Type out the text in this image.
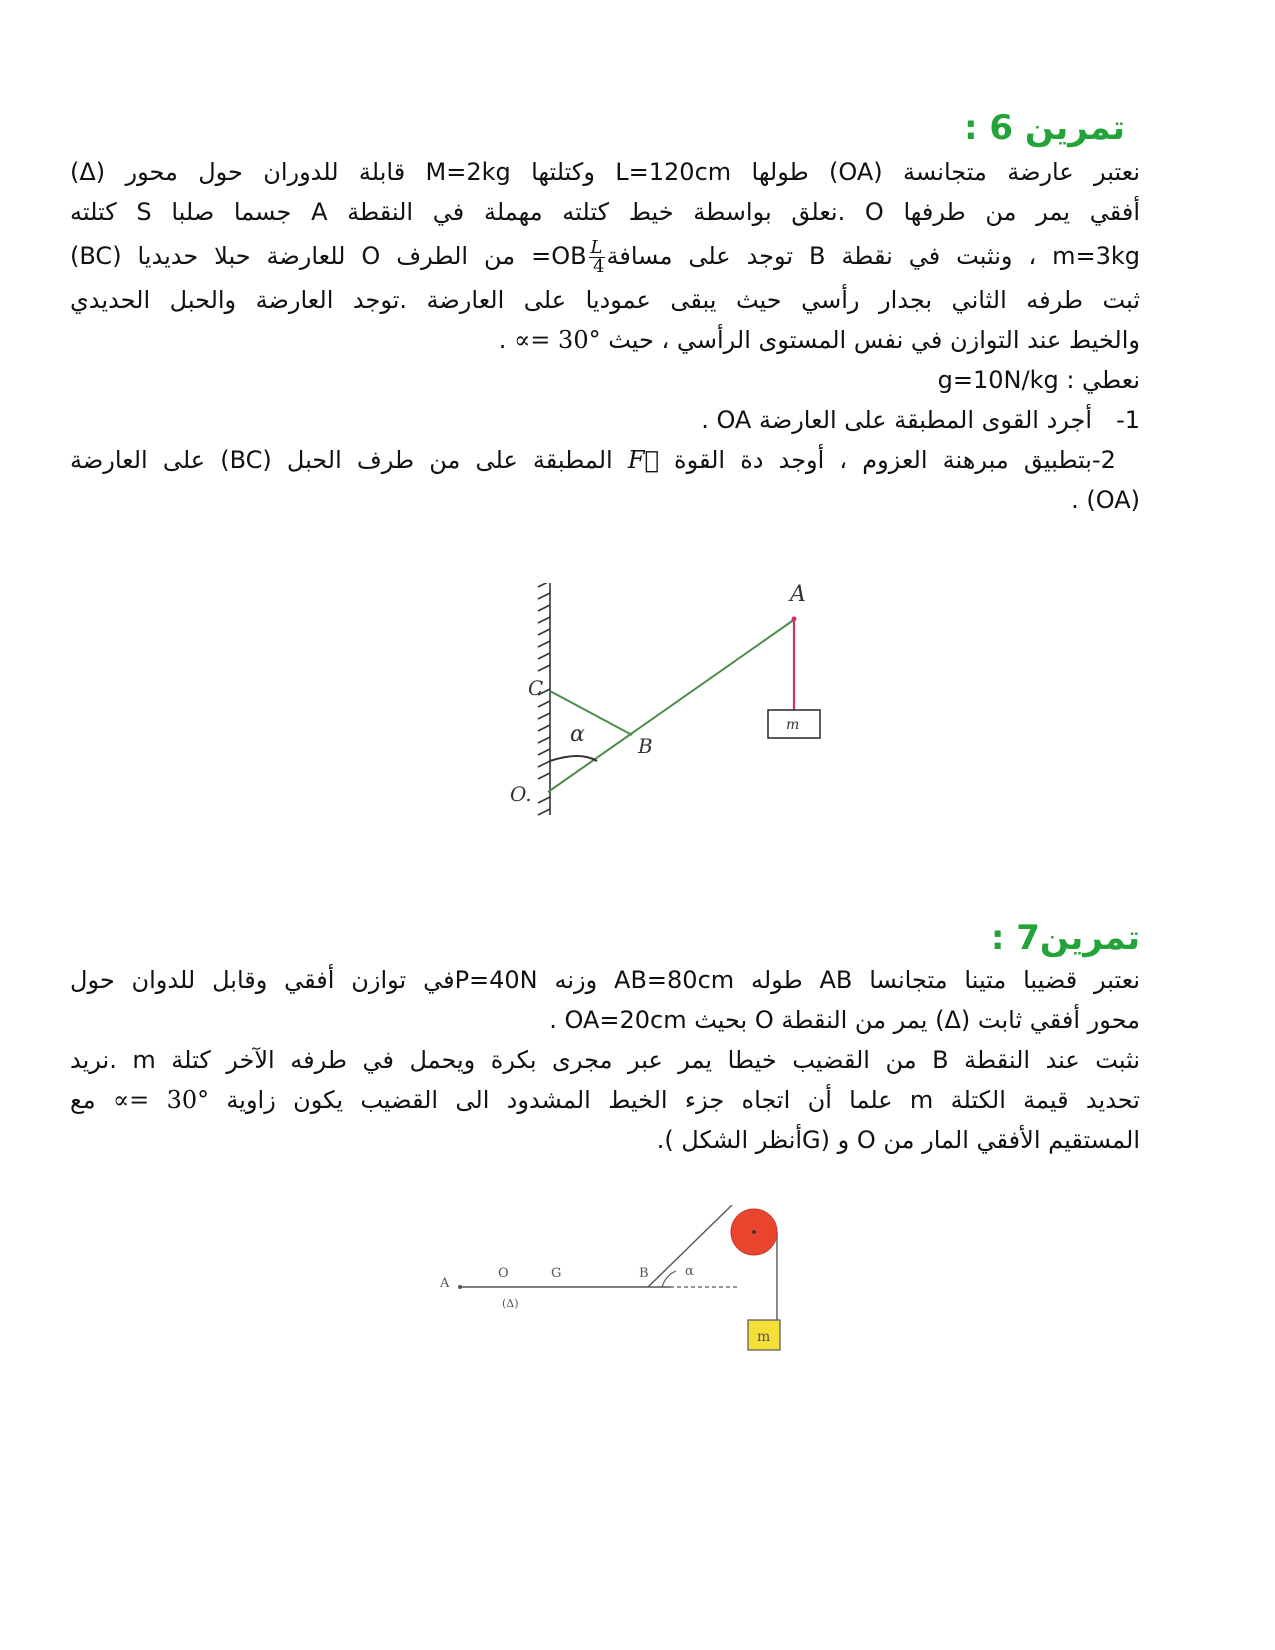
تمرين 6 :

نعتبر عارضة متجانسة (OA) طولها L=120cm وكتلتها M=2kg قابلة للدوران حول محور (Δ)

أفقي يمر من طرفها O .نعلق بواسطة خيط كتلته مهملة في النقطة A جسما صلبا S كتلته

m=3kg ، ونثبت في نقطة B توجد على مسافة
$\frac{L}{4}$
OB= من الطرف O للعارضة حبلا حديديا (BC)

ثبت طرفه الثاني بجدار رأسي حيث يبقى عموديا على العارضة .توجد العارضة والحبل الحديدي

والخيط عند التوازن في نفس المستوى الرأسي ، حيث ∝= 30° .

نعطي : g=10N/kg

-1أجرد القوى المطبقة على العارضة OA .

-2بتطبيق مبرهنة العزوم ، أوجد دة القوة F⃗ المطبقة على من طرف الحبل (BC) على العارضة

(OA) .

A
B
C
O.
α	m
تمرين7 :

نعتبر قضيبا متينا متجانسا AB طوله AB=80cm وزنه P=40Nفي توازن أفقي وقابل للدوان حول

محور أفقي ثابت (Δ) يمر من النقطة O بحيث OA=20cm .

نثبت عند النقطة B من القضيب خيطا يمر عبر مجرى بكرة ويحمل في طرفه الآخر كتلة m .نريد

تحديد قيمة الكتلة m علما أن اتجاه جزء الخيط المشدود الى القضيب يكون زاوية ∝= 30° مع

المستقيم الأفقي المار من O و (Gأنظر الشكل ).

A
O	G	B	α
(Δ)
m
